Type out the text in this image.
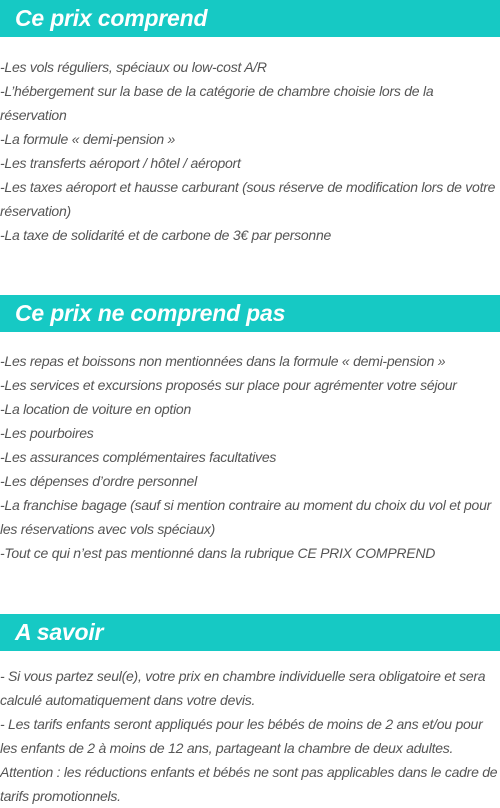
Ce prix comprend
-Les vols réguliers, spéciaux ou low-cost A/R
-L’hébergement sur la base de la catégorie de chambre choisie lors de la réservation
-La formule « demi-pension »
-Les transferts aéroport / hôtel / aéroport
-Les taxes aéroport et hausse carburant (sous réserve de modification lors de votre réservation)
-La taxe de solidarité et de carbone de 3€ par personne
Ce prix ne comprend pas
-Les repas et boissons non mentionnées dans la formule « demi-pension »
-Les services et excursions proposés sur place pour agrémenter votre séjour
-La location de voiture en option
-Les pourboires
-Les assurances complémentaires facultatives
-Les dépenses d’ordre personnel
-La franchise bagage (sauf si mention contraire au moment du choix du vol et pour les réservations avec vols spéciaux)
-Tout ce qui n’est pas mentionné dans la rubrique CE PRIX COMPREND
A savoir
- Si vous partez seul(e), votre prix en chambre individuelle sera obligatoire et sera calculé automatiquement dans votre devis.
- Les tarifs enfants seront appliqués pour les bébés de moins de 2 ans et/ou pour les enfants de 2 à moins de 12 ans, partageant la chambre de deux adultes. Attention : les réductions enfants et bébés ne sont pas applicables dans le cadre de tarifs promotionnels.
